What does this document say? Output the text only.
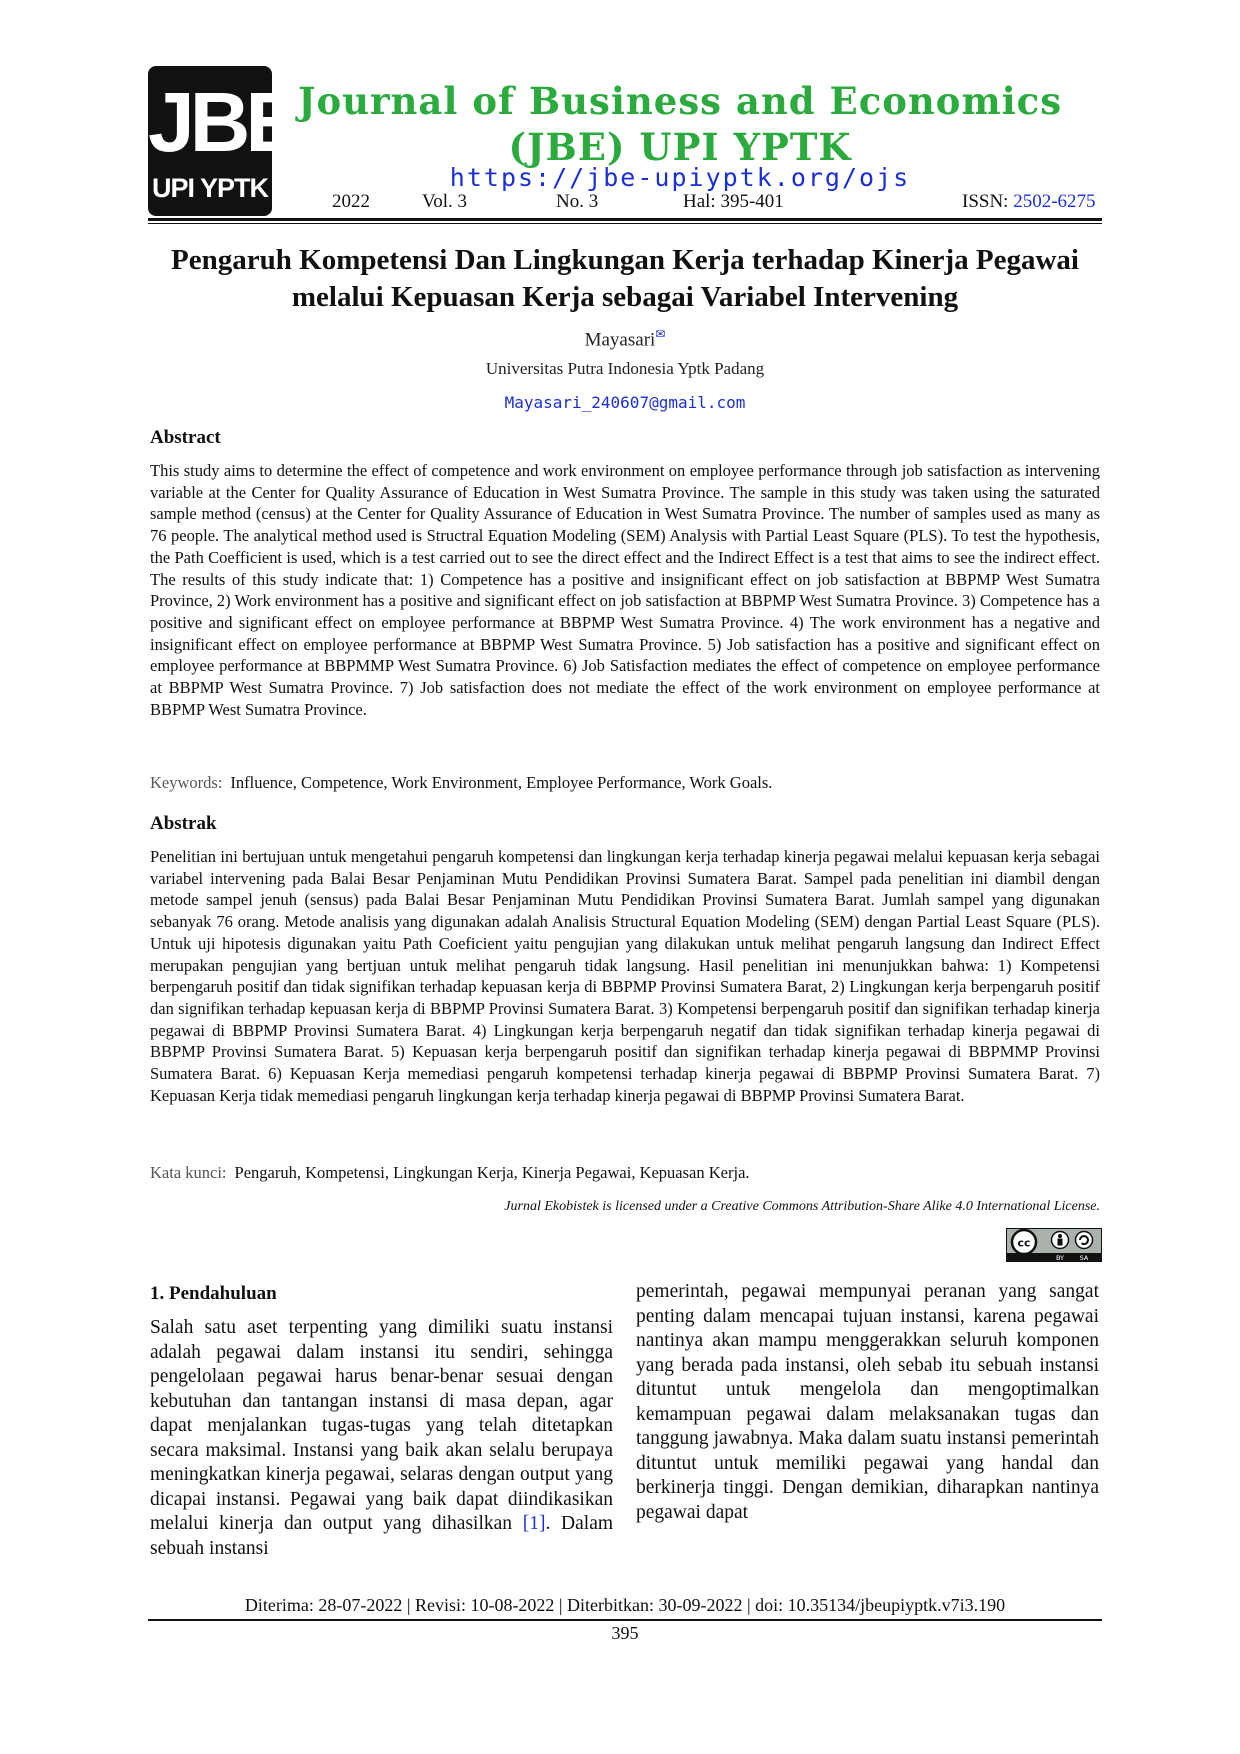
JBE
UPI YPTK
Journal of Business and Economics (JBE) UPI YPTK
https://jbe-upiyptk.org/ojs
2022	Vol. 3	No. 3	Hal: 395-401	ISSN: 2502-6275
Pengaruh Kompetensi Dan Lingkungan Kerja terhadap Kinerja Pegawai melalui Kepuasan Kerja sebagai Variabel Intervening
Mayasari✉
Universitas Putra Indonesia Yptk Padang
Mayasari_240607@gmail.com
Abstract

This study aims to determine the effect of competence and work environment on employee performance through job satisfaction as intervening variable at the Center for Quality Assurance of Education in West Sumatra Province. The sample in this study was taken using the saturated sample method (census) at the Center for Quality Assurance of Education in West Sumatra Province. The number of samples used as many as 76 people. The analytical method used is Structral Equation Modeling (SEM) Analysis with Partial Least Square (PLS). To test the hypothesis, the Path Coefficient is used, which is a test carried out to see the direct effect and the Indirect Effect is a test that aims to see the indirect effect. The results of this study indicate that: 1) Competence has a positive and insignificant effect on job satisfaction at BBPMP West Sumatra Province, 2) Work environment has a positive and significant effect on job satisfaction at BBPMP West Sumatra Province. 3) Competence has a positive and significant effect on employee performance at BBPMP West Sumatra Province. 4) The work environment has a negative and insignificant effect on employee performance at BBPMP West Sumatra Province. 5) Job satisfaction has a positive and significant effect on employee performance at BBPMMP West Sumatra Province. 6) Job Satisfaction mediates the effect of competence on employee performance at BBPMP West Sumatra Province. 7) Job satisfaction does not mediate the effect of the work environment on employee performance at BBPMP West Sumatra Province.

Keywords: Influence, Competence, Work Environment, Employee Performance, Work Goals.
Abstrak

Penelitian ini bertujuan untuk mengetahui pengaruh kompetensi dan lingkungan kerja terhadap kinerja pegawai melalui kepuasan kerja sebagai variabel intervening pada Balai Besar Penjaminan Mutu Pendidikan Provinsi Sumatera Barat. Sampel pada penelitian ini diambil dengan metode sampel jenuh (sensus) pada Balai Besar Penjaminan Mutu Pendidikan Provinsi Sumatera Barat. Jumlah sampel yang digunakan sebanyak 76 orang. Metode analisis yang digunakan adalah Analisis Structural Equation Modeling (SEM) dengan Partial Least Square (PLS). Untuk uji hipotesis digunakan yaitu Path Coeficient yaitu pengujian yang dilakukan untuk melihat pengaruh langsung dan Indirect Effect merupakan pengujian yang bertjuan untuk melihat pengaruh tidak langsung. Hasil penelitian ini menunjukkan bahwa: 1) Kompetensi berpengaruh positif dan tidak signifikan terhadap kepuasan kerja di BBPMP Provinsi Sumatera Barat, 2) Lingkungan kerja berpengaruh positif dan signifikan terhadap kepuasan kerja di BBPMP Provinsi Sumatera Barat. 3) Kompetensi berpengaruh positif dan signifikan terhadap kinerja pegawai di BBPMP Provinsi Sumatera Barat. 4) Lingkungan kerja berpengaruh negatif dan tidak signifikan terhadap kinerja pegawai di BBPMP Provinsi Sumatera Barat. 5) Kepuasan kerja berpengaruh positif dan signifikan terhadap kinerja pegawai di BBPMMP Provinsi Sumatera Barat. 6) Kepuasan Kerja memediasi pengaruh kompetensi terhadap kinerja pegawai di BBPMP Provinsi Sumatera Barat. 7) Kepuasan Kerja tidak memediasi pengaruh lingkungan kerja terhadap kinerja pegawai di BBPMP Provinsi Sumatera Barat.

Kata kunci: Pengaruh, Kompetensi, Lingkungan Kerja, Kinerja Pegawai, Kepuasan Kerja.
Jurnal Ekobistek is licensed under a Creative Commons Attribution-Share Alike 4.0 International License.
cc
BY SA
1. Pendahuluan

Salah satu aset terpenting yang dimiliki suatu instansi adalah pegawai dalam instansi itu sendiri, sehingga pengelolaan pegawai harus benar-benar sesuai dengan kebutuhan dan tantangan instansi di masa depan, agar dapat menjalankan tugas-tugas yang telah ditetapkan secara maksimal. Instansi yang baik akan selalu berupaya meningkatkan kinerja pegawai, selaras dengan output yang dicapai instansi. Pegawai yang baik dapat diindikasikan melalui kinerja dan output yang dihasilkan [1]. Dalam sebuah instansi

pemerintah, pegawai mempunyai peranan yang sangat penting dalam mencapai tujuan instansi, karena pegawai nantinya akan mampu menggerakkan seluruh komponen yang berada pada instansi, oleh sebab itu sebuah instansi dituntut untuk mengelola dan mengoptimalkan kemampuan pegawai dalam melaksanakan tugas dan tanggung jawabnya. Maka dalam suatu instansi pemerintah dituntut untuk memiliki pegawai yang handal dan berkinerja tinggi. Dengan demikian, diharapkan nantinya pegawai dapat

Diterima: 28-07-2022 | Revisi: 10-08-2022 | Diterbitkan: 30-09-2022 | doi: 10.35134/jbeupiyptk.v7i3.190
395
